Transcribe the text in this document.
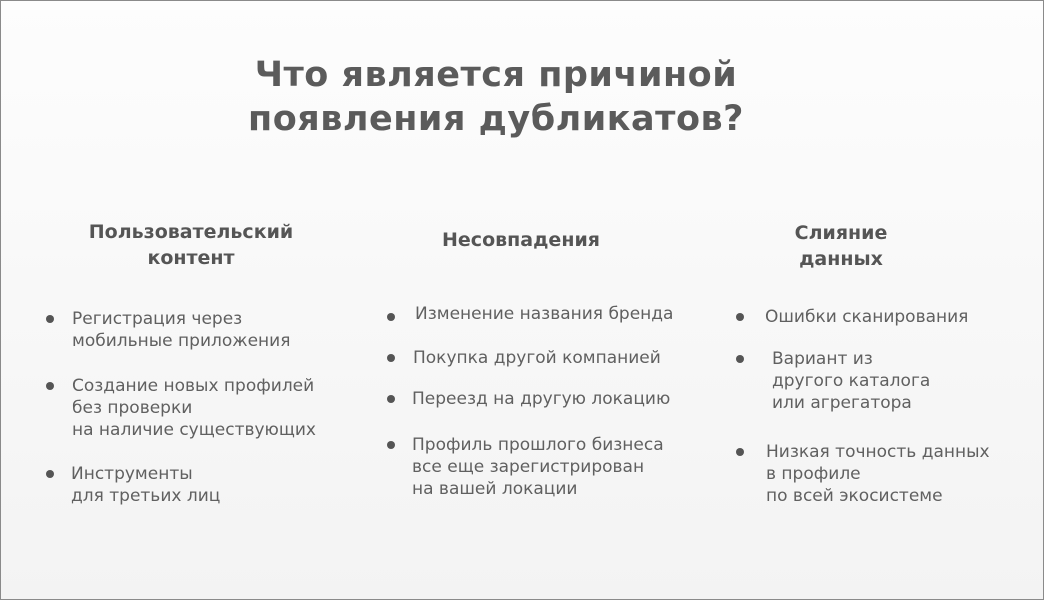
Что является причиной
появления дубликатов?
Пользовательский
контент
Регистрация через
мобильные приложения
Создание новых профилей
без проверки
на наличие существующих
Инструменты
для третьих лиц
Несовпадения
Изменение названия бренда
Покупка другой компанией
Переезд на другую локацию
Профиль прошлого бизнеса
все еще зарегистрирован
на вашей локации
Слияние
данных
Ошибки сканирования
Вариант из
другого каталога
или агрегатора
Низкая точность данных
в профиле
по всей экосистеме
